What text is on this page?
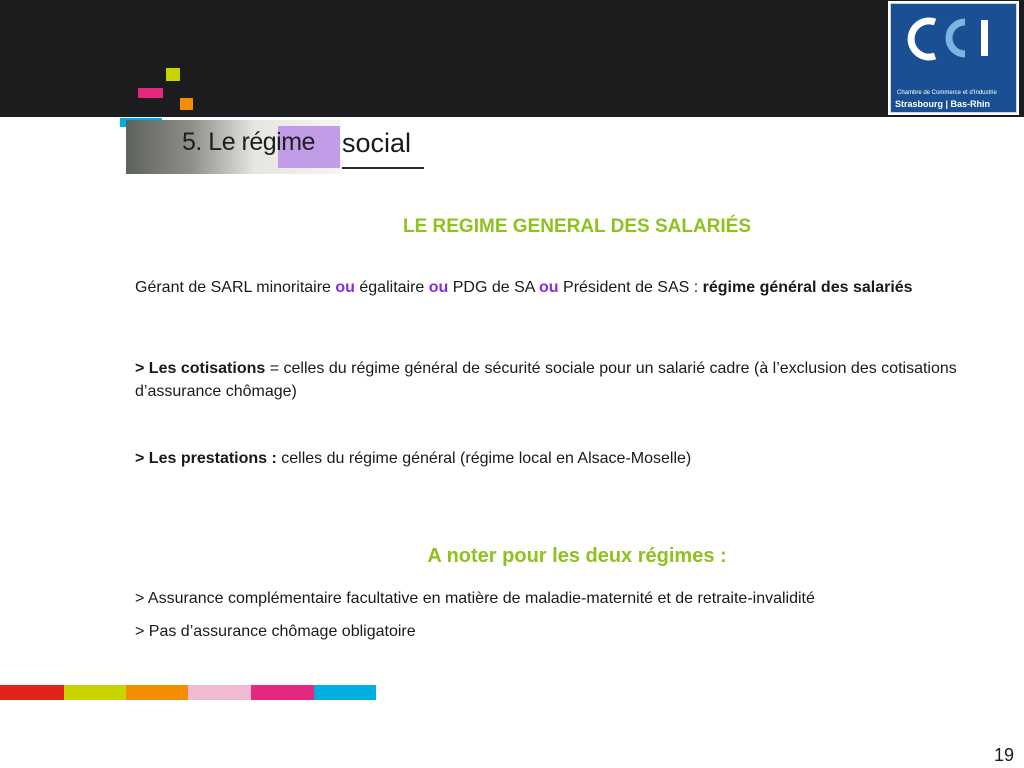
CCI
Chambre de Commerce et d'Industrie
Strasbourg | Bas-Rhin
5. Le régime social
LE REGIME GENERAL DES SALARIÉS
Gérant de SARL minoritaire ou égalitaire ou PDG de SA ou Président de SAS : régime général des salariés
> Les cotisations = celles du régime général de sécurité sociale pour un salarié cadre (à l’exclusion des cotisations d’assurance chômage)
> Les prestations : celles du régime général (régime local en Alsace-Moselle)
A noter pour les deux régimes :
> Assurance complémentaire facultative en matière de maladie-maternité et de retraite-invalidité
> Pas d’assurance chômage obligatoire
19
